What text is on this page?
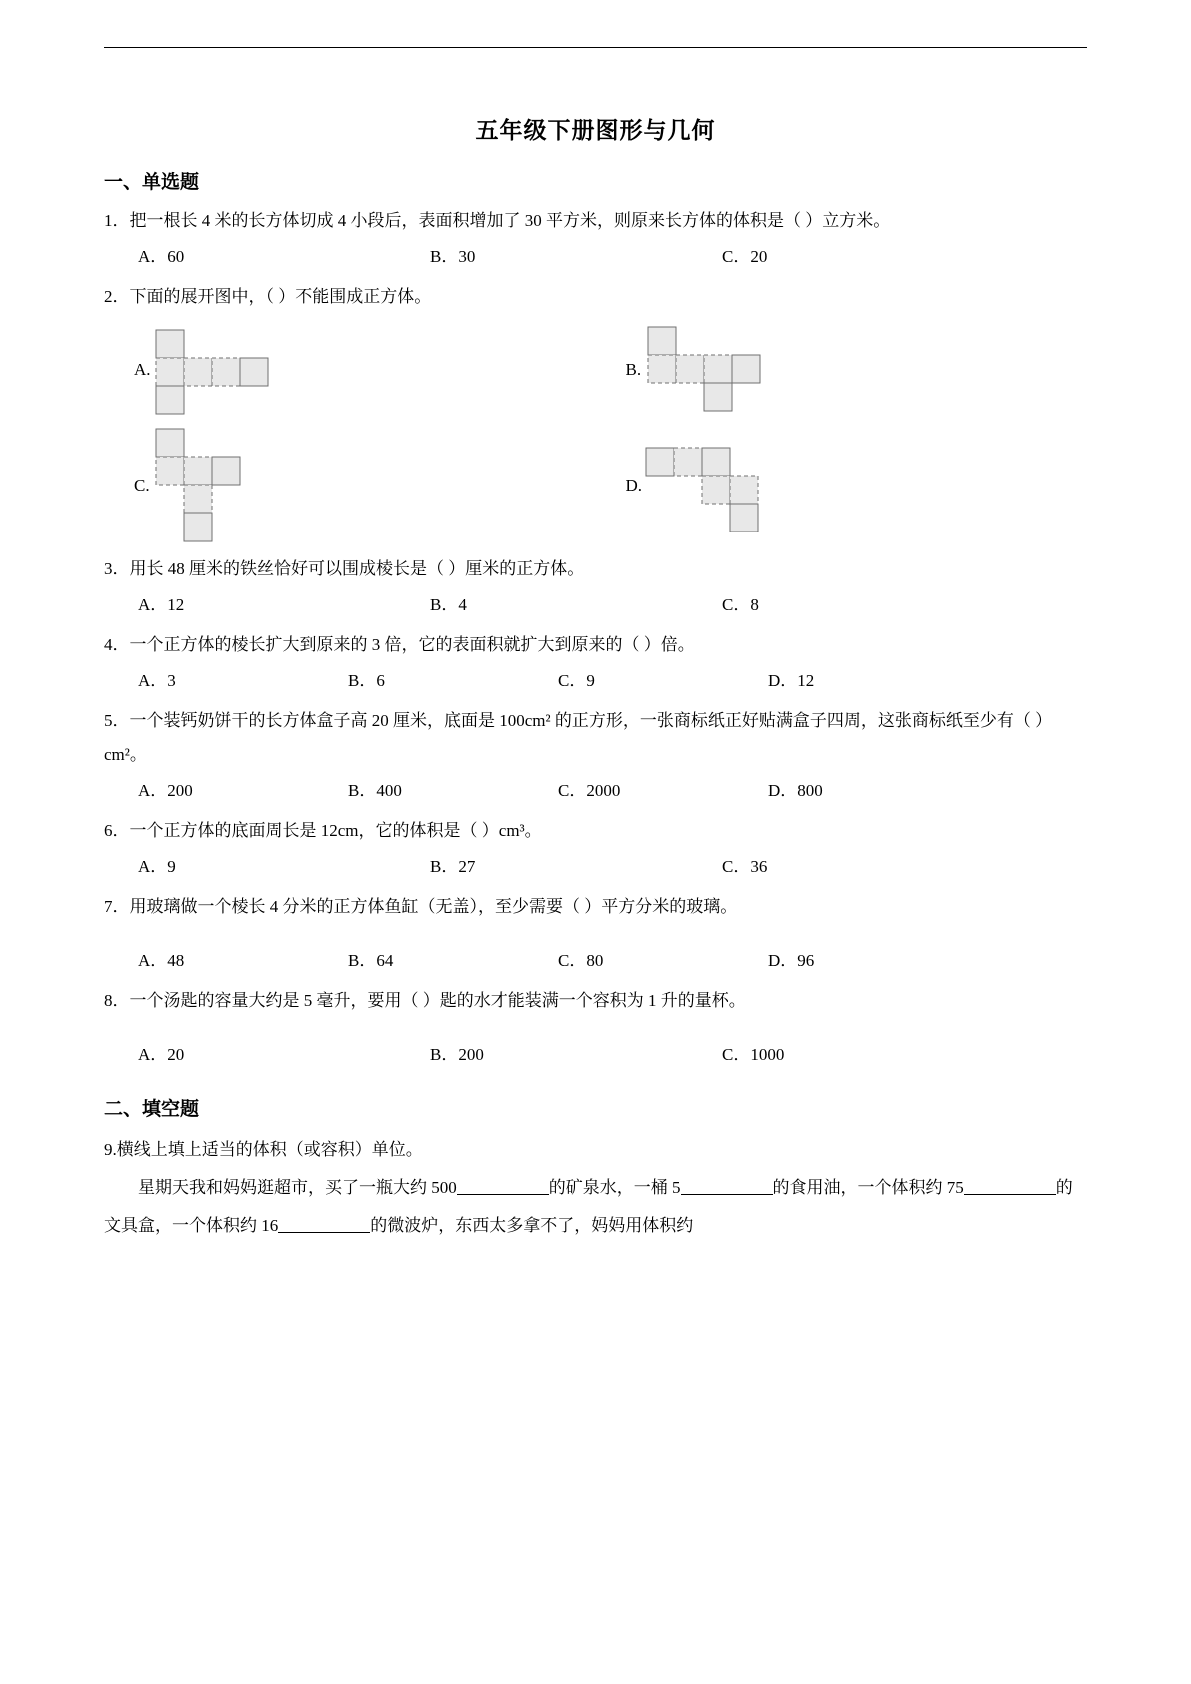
五年级下册图形与几何
一、单选题
1．把一根长 4 米的长方体切成 4 小段后，表面积增加了 30 平方米，则原来长方体的体积是（ ）立方米。
A．60	B．30	C．20
2．下面的展开图中，（ ）不能围成正方体。
A.	B.
C.	D.
3．用长 48 厘米的铁丝恰好可以围成棱长是（ ）厘米的正方体。
A．12	B．4	C．8
4．一个正方体的棱长扩大到原来的 3 倍，它的表面积就扩大到原来的（ ）倍。
A．3	B．6	C．9	D．12
5．一个装钙奶饼干的长方体盒子高 20 厘米，底面是 100cm² 的正方形，一张商标纸正好贴满盒子四周，这张商标纸至少有（ ）cm²。
A．200	B．400	C．2000	D．800
6．一个正方体的底面周长是 12cm，它的体积是（ ）cm³。
A．9	B．27	C．36
7．用玻璃做一个棱长 4 分米的正方体鱼缸（无盖），至少需要（ ）平方分米的玻璃。
A．48	B．64	C．80	D．96
8．一个汤匙的容量大约是 5 毫升，要用（ ）匙的水才能装满一个容积为 1 升的量杯。
A．20	B．200	C．1000
二、填空题
9.横线上填上适当的体积（或容积）单位。
星期天我和妈妈逛超市，买了一瓶大约 500	的矿泉水，一桶 5	的食用油，一个体积约 75	的文具盒，一个体积约 16	的微波炉，东西太多拿不了，妈妈用体积约
